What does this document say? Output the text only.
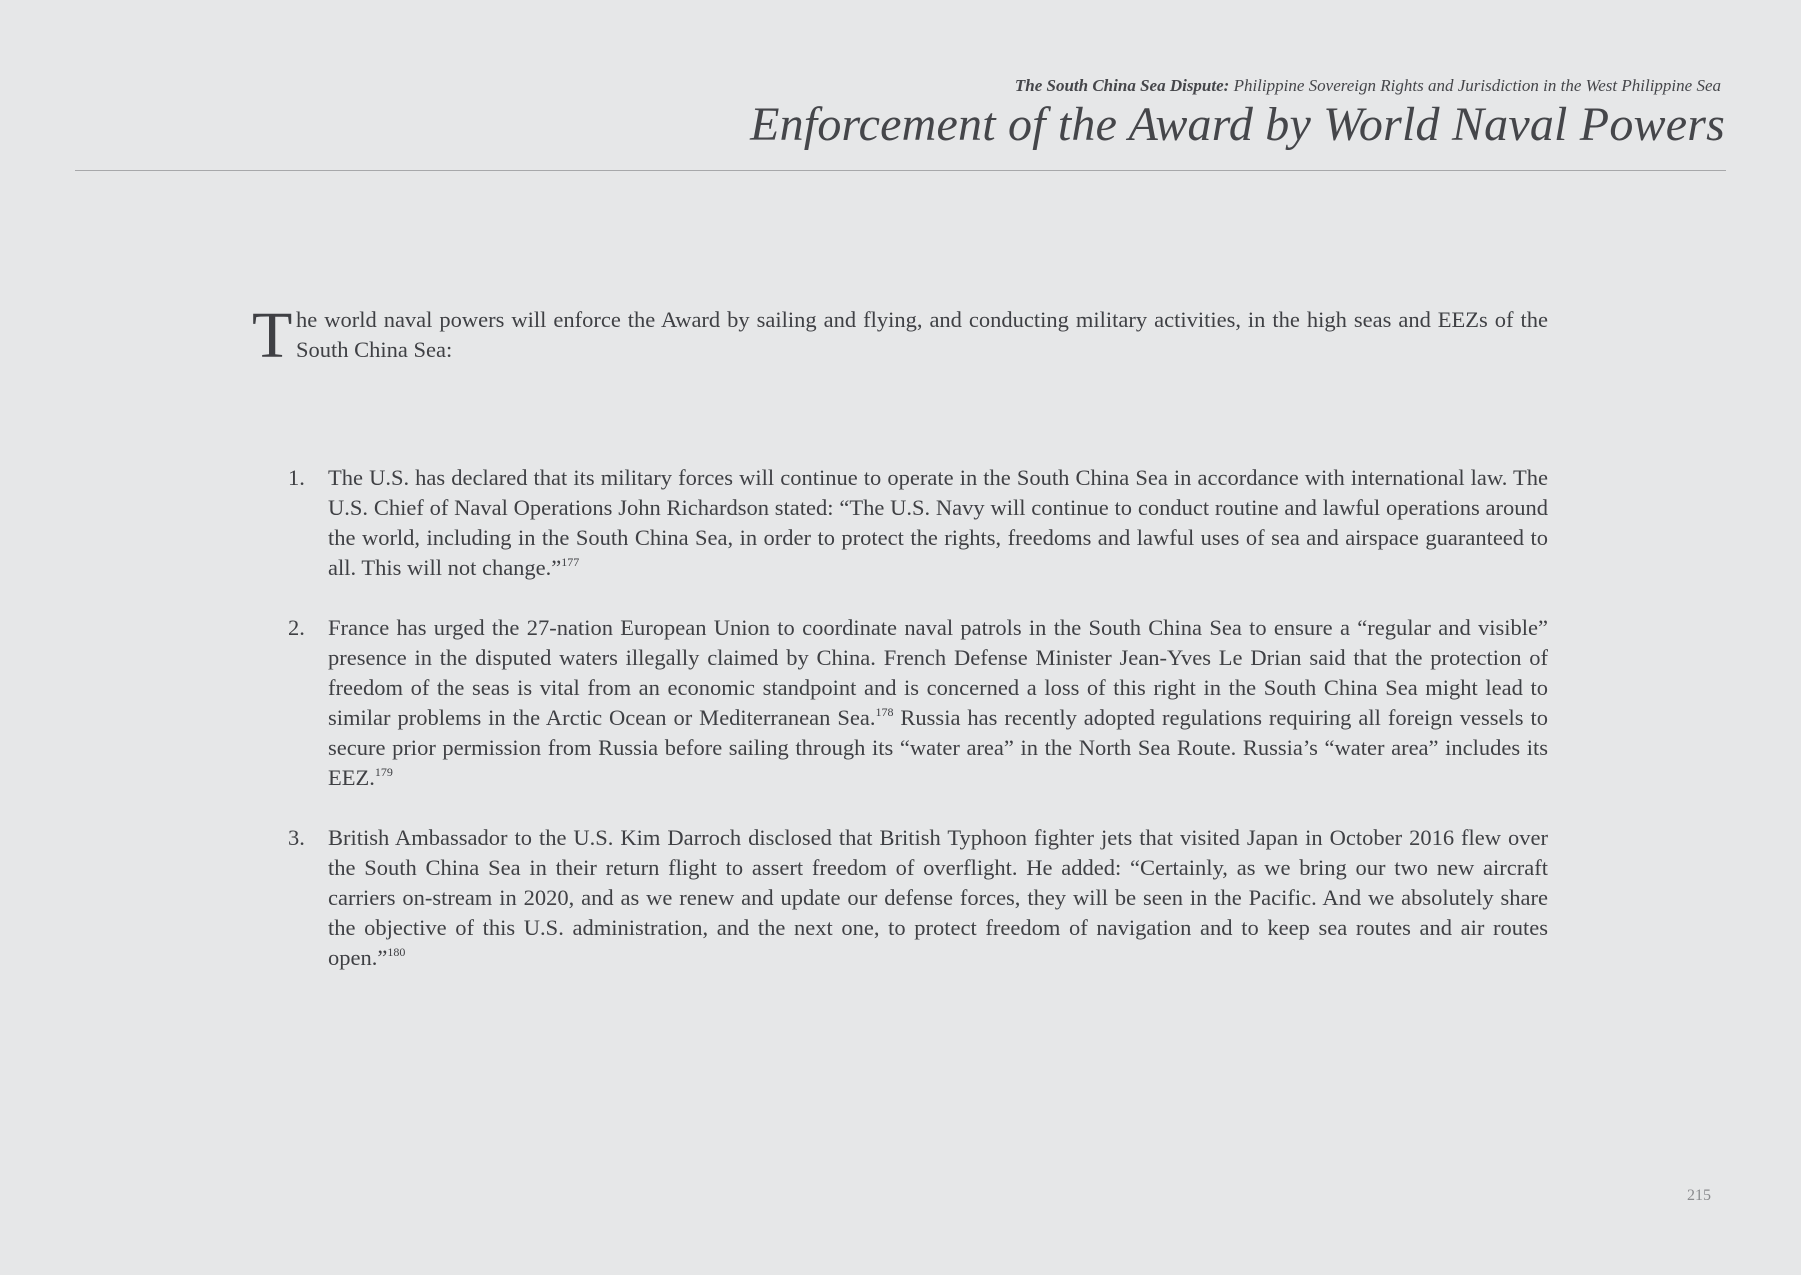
The South China Sea Dispute: Philippine Sovereign Rights and Jurisdiction in the West Philippine Sea
Enforcement of the Award by World Naval Powers

T he world naval powers will enforce the Award by sailing and flying, and conducting military activities, in the high seas and EEZs of the South China Sea:

1. The U.S. has declared that its military forces will continue to operate in the South China Sea in accordance with international law. The U.S. Chief of Naval Operations John Richardson stated: “The U.S. Navy will continue to conduct routine and lawful operations around the world, including in the South China Sea, in order to protect the rights, freedoms and lawful uses of sea and airspace guaranteed to all. This will not change.”$^{177}$
2. France has urged the 27-nation European Union to coordinate naval patrols in the South China Sea to ensure a “regular and visible” presence in the disputed waters illegally claimed by China. French Defense Minister Jean-Yves Le Drian said that the protection of freedom of the seas is vital from an economic standpoint and is concerned a loss of this right in the South China Sea might lead to similar problems in the Arctic Ocean or Mediterranean Sea.$^{178}$ Russia has recently adopted regulations requiring all foreign vessels to secure prior permission from Russia before sailing through its “water area” in the North Sea Route. Russia’s “water area” includes its EEZ.$^{179}$
3. British Ambassador to the U.S. Kim Darroch disclosed that British Typhoon fighter jets that visited Japan in October 2016 flew over the South China Sea in their return flight to assert freedom of overflight. He added: “Certainly, as we bring our two new aircraft carriers on-stream in 2020, and as we renew and update our defense forces, they will be seen in the Pacific. And we absolutely share the objective of this U.S. administration, and the next one, to protect freedom of navigation and to keep sea routes and air routes open.”$^{180}$
215
